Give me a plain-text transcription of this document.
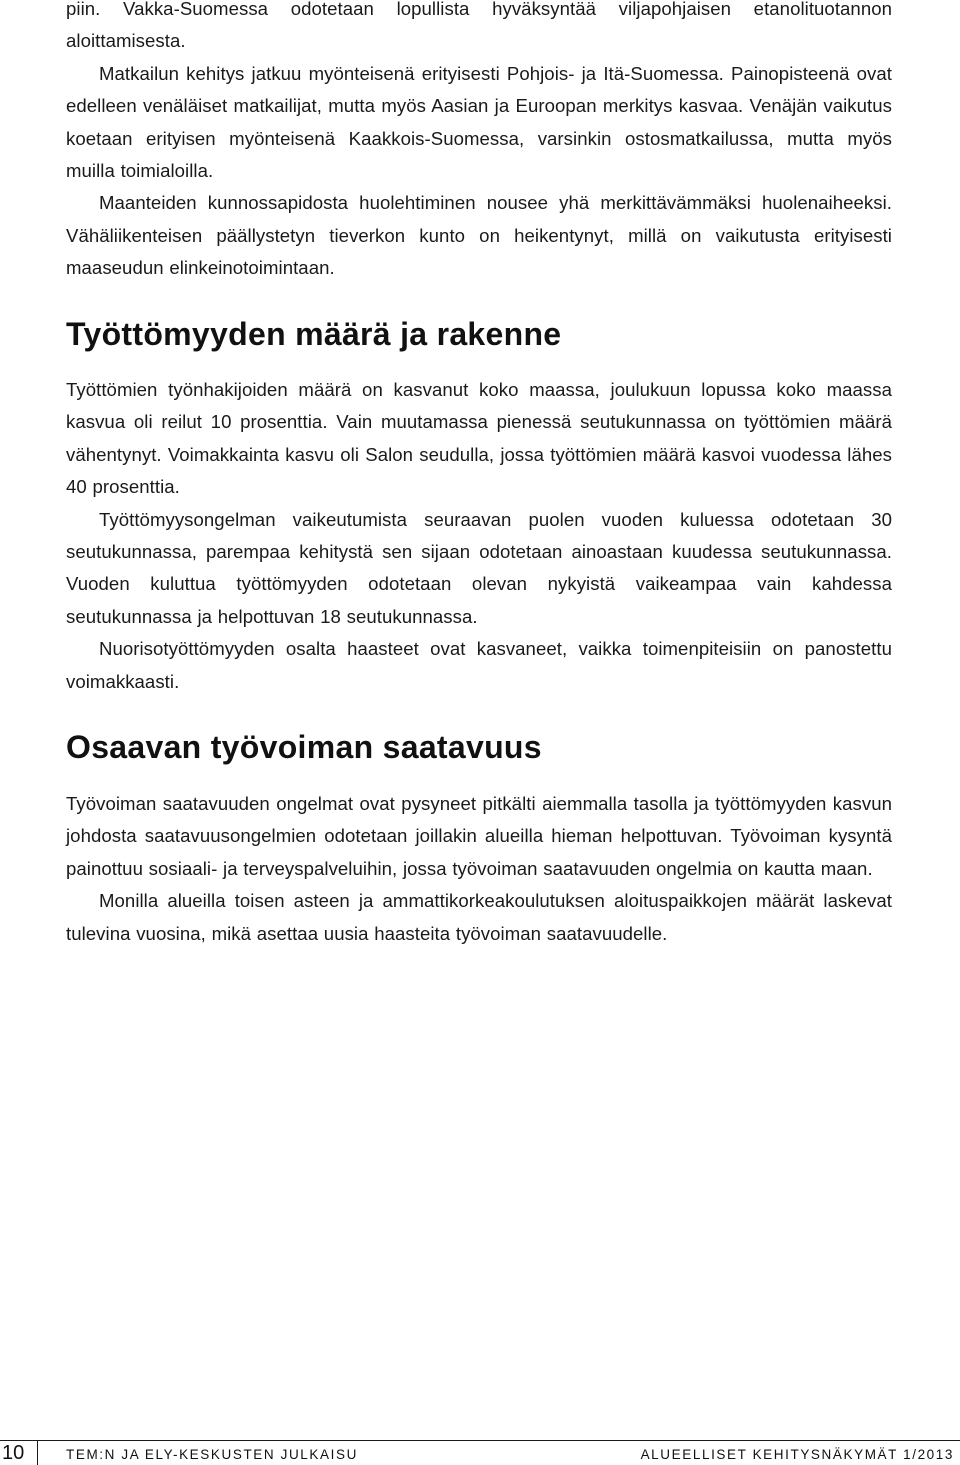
piin. Vakka-Suomessa odotetaan lopullista hyväksyntää viljapohjaisen etanolituotannon aloittamisesta.

Matkailun kehitys jatkuu myönteisenä erityisesti Pohjois- ja Itä-Suomessa. Painopisteenä ovat edelleen venäläiset matkailijat, mutta myös Aasian ja Euroopan merkitys kasvaa. Venäjän vaikutus koetaan erityisen myönteisenä Kaakkois-Suomessa, varsinkin ostosmatkailussa, mutta myös muilla toimialoilla.

Maanteiden kunnossapidosta huolehtiminen nousee yhä merkittävämmäksi huolenaiheeksi. Vähäliikenteisen päällystetyn tieverkon kunto on heikentynyt, millä on vaikutusta erityisesti maaseudun elinkeinotoimintaan.

Työttömyyden määrä ja rakenne

Työttömien työnhakijoiden määrä on kasvanut koko maassa, joulukuun lopussa koko maassa kasvua oli reilut 10 prosenttia. Vain muutamassa pienessä seutukunnassa on työttömien määrä vähentynyt. Voimakkainta kasvu oli Salon seudulla, jossa työttömien määrä kasvoi vuodessa lähes 40 prosenttia.

Työttömyysongelman vaikeutumista seuraavan puolen vuoden kuluessa odotetaan 30 seutukunnassa, parempaa kehitystä sen sijaan odotetaan ainoastaan kuudessa seutukunnassa. Vuoden kuluttua työttömyyden odotetaan olevan nykyistä vaikeampaa vain kahdessa seutukunnassa ja helpottuvan 18 seutukunnassa.

Nuorisotyöttömyyden osalta haasteet ovat kasvaneet, vaikka toimenpiteisiin on panostettu voimakkaasti.

Osaavan työvoiman saatavuus

Työvoiman saatavuuden ongelmat ovat pysyneet pitkälti aiemmalla tasolla ja työttömyyden kasvun johdosta saatavuusongelmien odotetaan joillakin alueilla hieman helpottuvan. Työvoiman kysyntä painottuu sosiaali- ja terveyspalveluihin, jossa työvoiman saatavuuden ongelmia on kautta maan.

Monilla alueilla toisen asteen ja ammattikorkeakoulutuksen aloituspaikkojen määrät laskevat tulevina vuosina, mikä asettaa uusia haasteita työvoiman saatavuudelle.

10	TEM:N JA ELY-KESKUSTEN JULKAISU	ALUEELLISET KEHITYSNÄKYMÄT 1/2013
